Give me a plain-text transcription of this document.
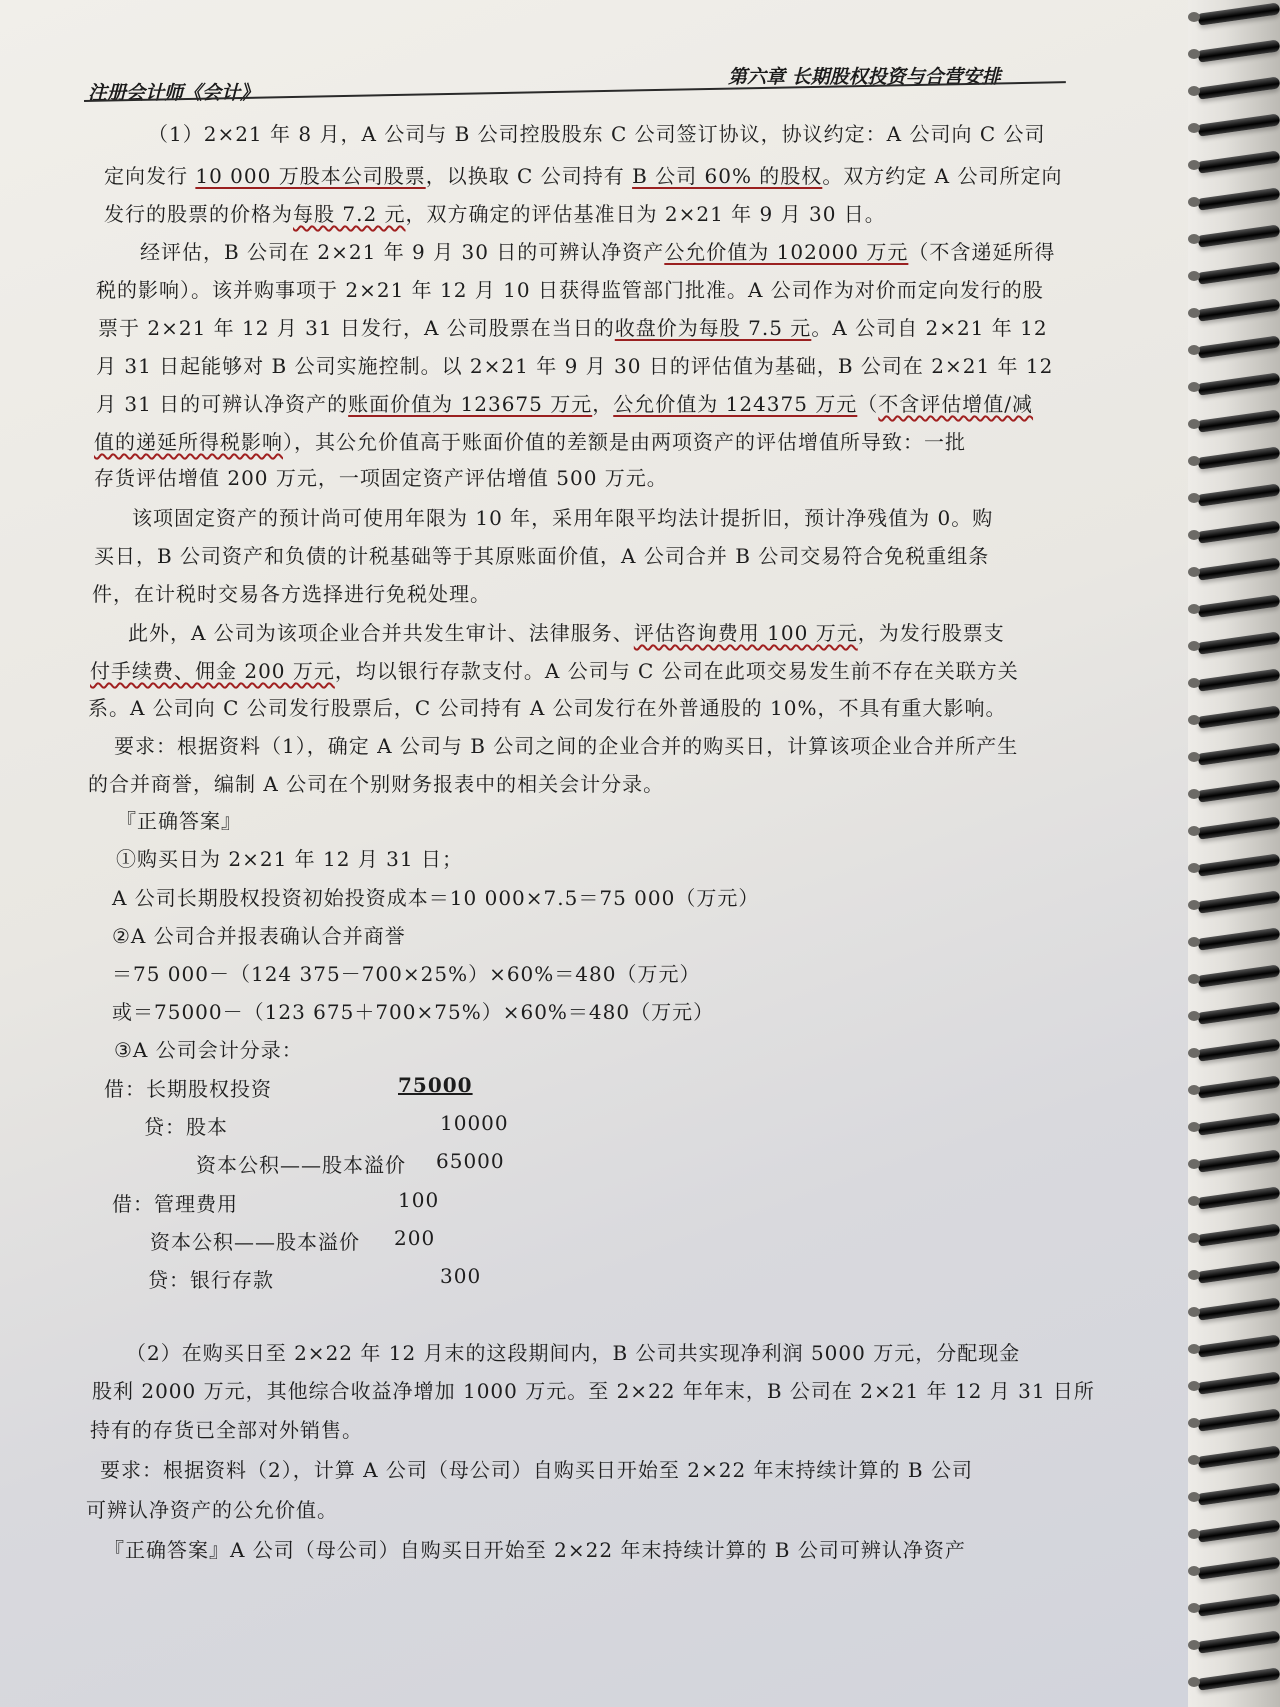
注册会计师《会计》
第六章 长期股权投资与合营安排
（1）2×21 年 8 月，A 公司与 B 公司控股股东 C 公司签订协议，协议约定：A 公司向 C 公司
定向发行 10 000 万股本公司股票，以换取 C 公司持有 B 公司 60% 的股权。双方约定 A 公司所定向
发行的股票的价格为每股 7.2 元，双方确定的评估基准日为 2×21 年 9 月 30 日。
经评估，B 公司在 2×21 年 9 月 30 日的可辨认净资产公允价值为 102000 万元（不含递延所得
税的影响）。该并购事项于 2×21 年 12 月 10 日获得监管部门批准。A 公司作为对价而定向发行的股
票于 2×21 年 12 月 31 日发行，A 公司股票在当日的收盘价为每股 7.5 元。A 公司自 2×21 年 12
月 31 日起能够对 B 公司实施控制。以 2×21 年 9 月 30 日的评估值为基础，B 公司在 2×21 年 12
月 31 日的可辨认净资产的账面价值为 123675 万元，公允价值为 124375 万元（不含评估增值/减
值的递延所得税影响），其公允价值高于账面价值的差额是由两项资产的评估增值所导致：一批
存货评估增值 200 万元，一项固定资产评估增值 500 万元。
该项固定资产的预计尚可使用年限为 10 年，采用年限平均法计提折旧，预计净残值为 0。购
买日，B 公司资产和负债的计税基础等于其原账面价值，A 公司合并 B 公司交易符合免税重组条
件，在计税时交易各方选择进行免税处理。
此外，A 公司为该项企业合并共发生审计、法律服务、评估咨询费用 100 万元，为发行股票支
付手续费、佣金 200 万元，均以银行存款支付。A 公司与 C 公司在此项交易发生前不存在关联方关
系。A 公司向 C 公司发行股票后，C 公司持有 A 公司发行在外普通股的 10%，不具有重大影响。
要求：根据资料（1），确定 A 公司与 B 公司之间的企业合并的购买日，计算该项企业合并所产生
的合并商誉，编制 A 公司在个别财务报表中的相关会计分录。
『正确答案』
①购买日为 2×21 年 12 月 31 日；
A 公司长期股权投资初始投资成本＝10 000×7.5＝75 000（万元）
②A 公司合并报表确认合并商誉
＝75 000－（124 375－700×25%）×60%＝480（万元）
或＝75000－（123 675＋700×75%）×60%＝480（万元）
③A 公司会计分录：
借：长期股权投资	75000
贷：股本	10000
资本公积——股本溢价 65000
借：管理费用	100
资本公积——股本溢价 200
贷：银行存款	300
（2）在购买日至 2×22 年 12 月末的这段期间内，B 公司共实现净利润 5000 万元，分配现金
股利 2000 万元，其他综合收益净增加 1000 万元。至 2×22 年年末，B 公司在 2×21 年 12 月 31 日所
持有的存货已全部对外销售。
要求：根据资料（2），计算 A 公司（母公司）自购买日开始至 2×22 年末持续计算的 B 公司
可辨认净资产的公允价值。
『正确答案』A 公司（母公司）自购买日开始至 2×22 年末持续计算的 B 公司可辨认净资产
